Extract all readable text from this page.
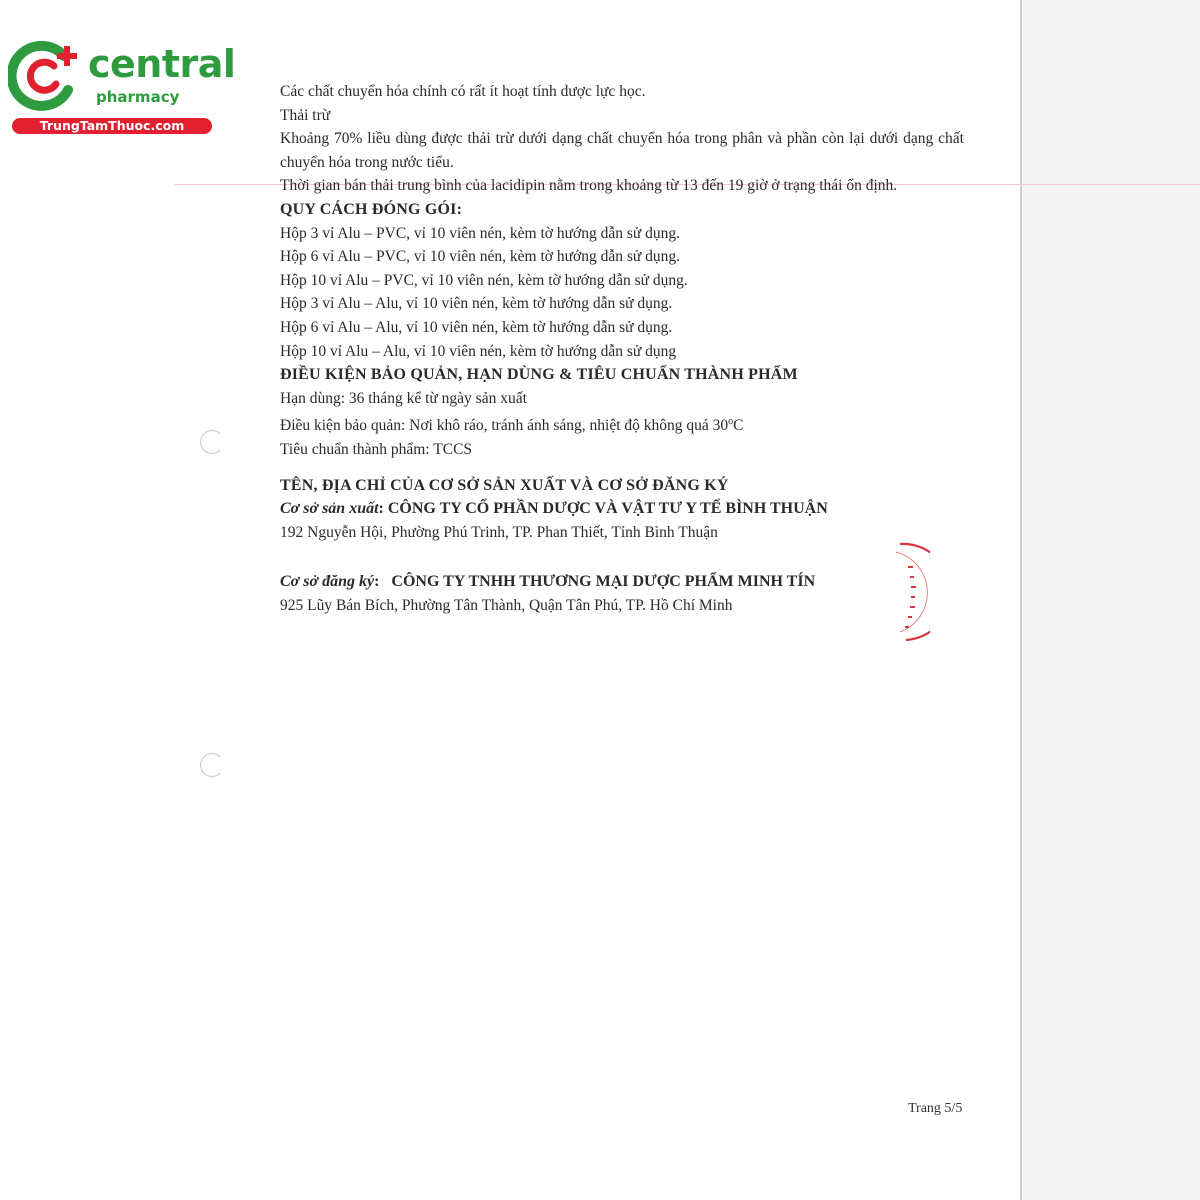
central
pharmacy
TrungTamThuoc.com

Các chất chuyển hóa chính có rất ít hoạt tính dược lực học.

Thải trừ

Khoảng 70% liều dùng được thải trừ dưới dạng chất chuyển hóa trong phân và phần còn lại dưới dạng chất chuyển hóa trong nước tiểu.

Thời gian bán thải trung bình của lacidipin nằm trong khoảng từ 13 đến 19 giờ ở trạng thái ổn định.

QUY CÁCH ĐÓNG GÓI:

Hộp 3 vỉ Alu – PVC, vỉ 10 viên nén, kèm tờ hướng dẫn sử dụng.

Hộp 6 vỉ Alu – PVC, vỉ 10 viên nén, kèm tờ hướng dẫn sử dụng.

Hộp 10 vỉ Alu – PVC, vỉ 10 viên nén, kèm tờ hướng dẫn sử dụng.

Hộp 3 vỉ Alu – Alu, vỉ 10 viên nén, kèm tờ hướng dẫn sử dụng.

Hộp 6 vỉ Alu – Alu, vỉ 10 viên nén, kèm tờ hướng dẫn sử dụng.

Hộp 10 vỉ Alu – Alu, vỉ 10 viên nén, kèm tờ hướng dẫn sử dụng

ĐIỀU KIỆN BẢO QUẢN, HẠN DÙNG & TIÊU CHUẨN THÀNH PHẨM

Hạn dùng: 36 tháng kể từ ngày sản xuất

Điều kiện bảo quản: Nơi khô ráo, tránh ánh sáng, nhiệt độ không quá 30$^o$C

Tiêu chuẩn thành phẩm: TCCS

TÊN, ĐỊA CHỈ CỦA CƠ SỞ SẢN XUẤT VÀ CƠ SỞ ĐĂNG KÝ

Cơ sở sản xuất: CÔNG TY CỔ PHẦN DƯỢC VÀ VẬT TƯ Y TẾ BÌNH THUẬN

192 Nguyễn Hội, Phường Phú Trinh, TP. Phan Thiết, Tỉnh Bình Thuận

Cơ sở đăng ký:   CÔNG TY TNHH THƯƠNG MẠI DƯỢC PHẨM MINH TÍN

925 Lũy Bán Bích, Phường Tân Thành, Quận Tân Phú, TP. Hồ Chí Minh

Trang 5/5
